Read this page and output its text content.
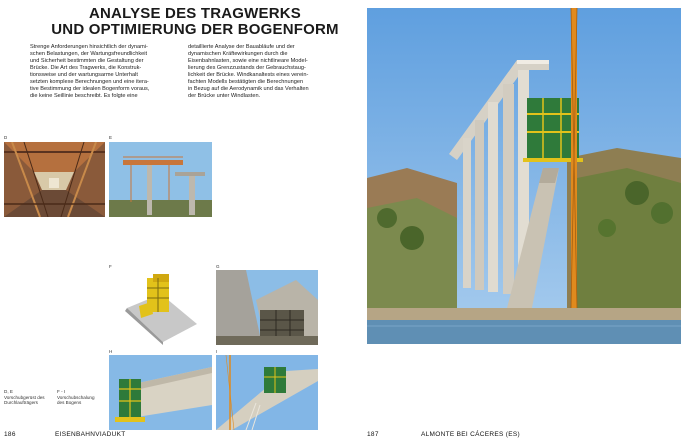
ANALYSE DES TRAGWERKS
UND OPTIMIERUNG DER BOGENFORM
Strenge Anforderungen hinsichtlich der dynami-
schen Belastungen, der Wartungsfreundlichkeit
und Sicherheit bestimmten die Gestaltung der
Brücke. Die Art des Tragwerks, die Konstruk-
tionsweise und der wartungsarme Unterhalt
setzten komplexe Berechnungen und eine itera-
tive Bestimmung der idealen Bogenform voraus,
die keine Seillinie beschreibt. Es folgte eine
detaillierte Analyse der Bauabläufe und der
dynamischen Kräftewirkungen durch die
Eisenbahnlasten, sowie eine nichtlineare Model-
lierung des Grenzzustands der Gebrauchstaug-
lichkeit der Brücke. Windkanaltests eines verein-
fachten Modells bestätigten die Berechnungen
in Bezug auf die Aerodynamik und das Verhalten
der Brücke unter Windlasten.
D	E
F	G
H	I
D, E
Vorschubgerüst des
Durchlaufträgers
F - I
Vorschubschalung
des Bogens
186	EISENBAHNVIADUKT	187	ALMONTE BEI CÁCERES (ES)
